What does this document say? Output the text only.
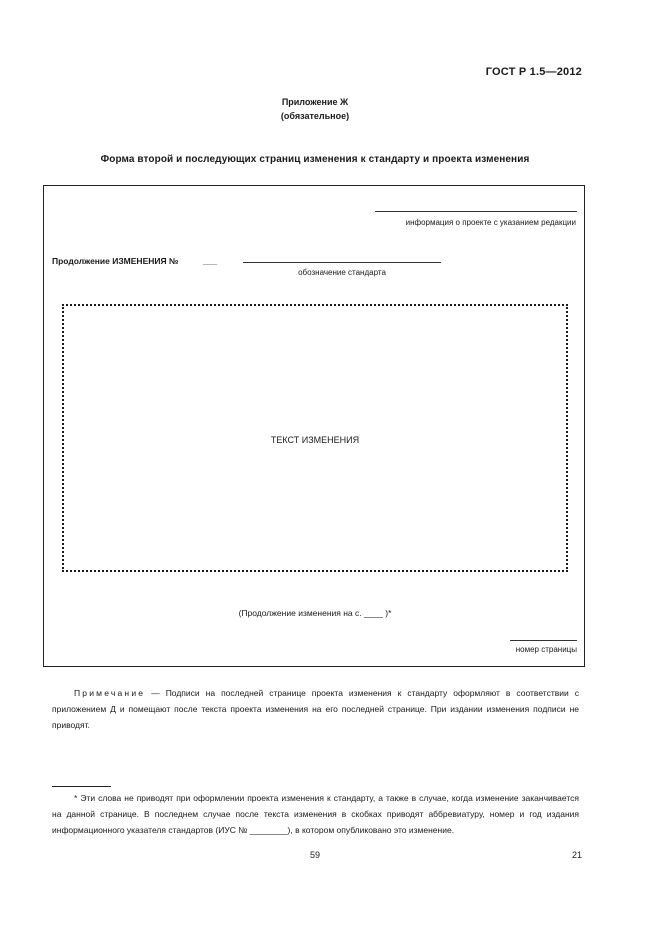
ГОСТ Р 1.5—2012
Приложение Ж
(обязательное)
Форма второй и последующих страниц изменения к стандарту и проекта изменения
информация о проекте с указанием редакции
Продолжение ИЗМЕНЕНИЯ №	___
обозначение стандарта
ТЕКСТ ИЗМЕНЕНИЯ
(Продолжение изменения на с. ____ )*
номер страницы
Примечание — Подписи на последней странице проекта изменения к стандарту оформляют в соответствии с приложением Д и помещают после текста проекта изменения на его последней странице. При издании изменения подписи не приводят.
* Эти слова не приводят при оформлении проекта изменения к стандарту, а также в случае, когда изменение заканчивается на данной странице. В последнем случае после текста изменения в скобках приводят аббревиатуру, номер и год издания информационного указателя стандартов (ИУС № ________), в котором опубликовано это изменение.
59	21
